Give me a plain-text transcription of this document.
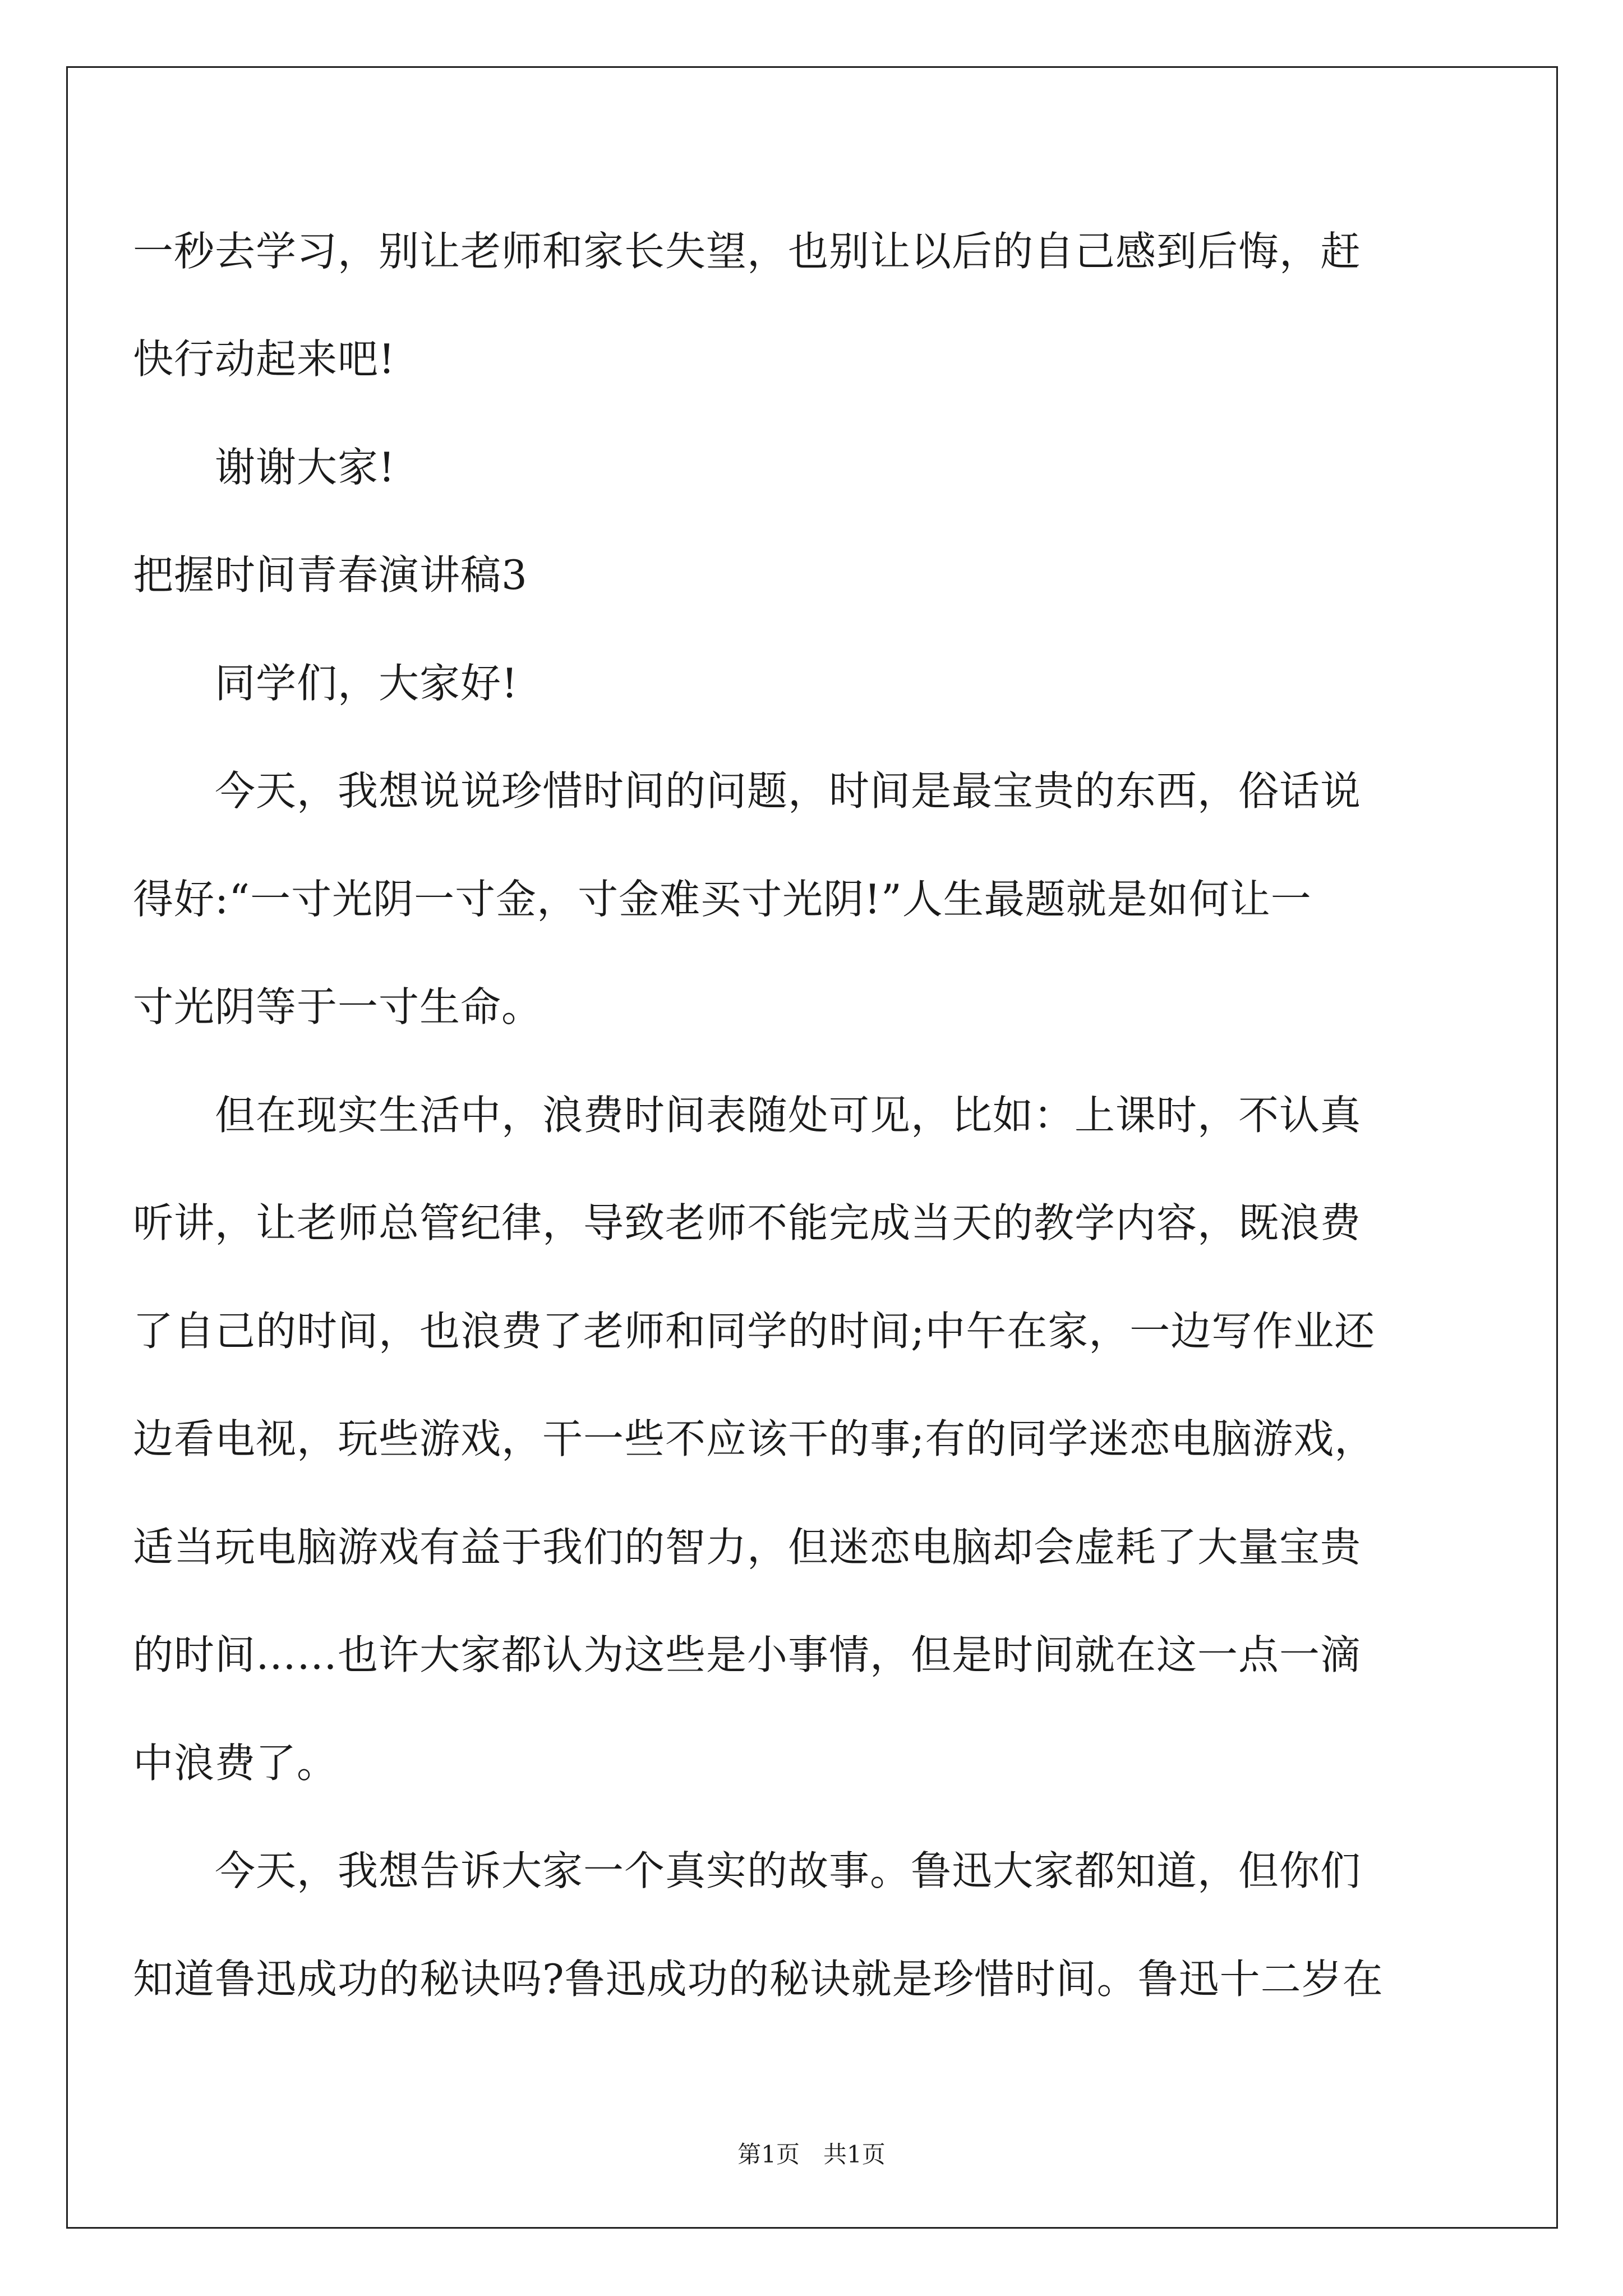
一秒去学习，别让老师和家长失望，也别让以后的自己感到后悔，赶
快行动起来吧!
　　谢谢大家!
把握时间青春演讲稿3
　　同学们，大家好!
　　今天，我想说说珍惜时间的问题，时间是最宝贵的东西，俗话说
得好:“一寸光阴一寸金，寸金难买寸光阴!”人生最题就是如何让一
寸光阴等于一寸生命。
　　但在现实生活中，浪费时间表随处可见，比如：上课时，不认真
听讲，让老师总管纪律，导致老师不能完成当天的教学内容，既浪费
了自己的时间，也浪费了老师和同学的时间;中午在家，一边写作业还
边看电视，玩些游戏，干一些不应该干的事;有的同学迷恋电脑游戏，
适当玩电脑游戏有益于我们的智力，但迷恋电脑却会虚耗了大量宝贵
的时间……也许大家都认为这些是小事情，但是时间就在这一点一滴
中浪费了。
　　今天，我想告诉大家一个真实的故事。鲁迅大家都知道，但你们
知道鲁迅成功的秘诀吗?鲁迅成功的秘诀就是珍惜时间。鲁迅十二岁在
第1页　共1页
